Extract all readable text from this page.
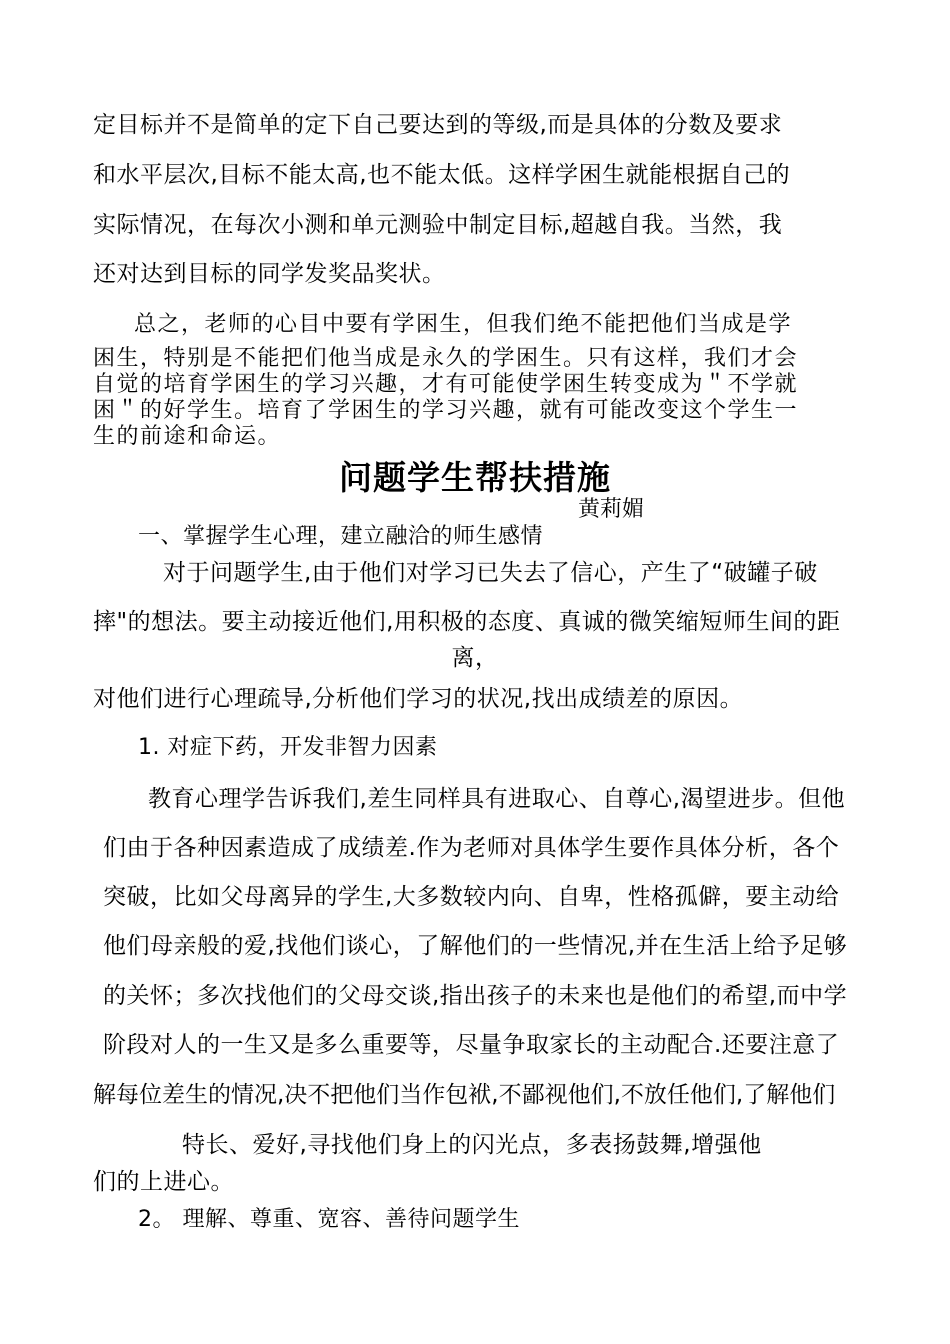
定目标并不是简单的定下自己要达到的等级,而是具体的分数及要求
和水平层次,目标不能太高,也不能太低。这样学困生就能根据自己的
实际情况，在每次小测和单元测验中制定目标,超越自我。当然，我
还对达到目标的同学发奖品奖状。
总之，老师的心目中要有学困生，但我们绝不能把他们当成是学
困生，特别是不能把们他当成是永久的学困生。只有这样，我们才会
自觉的培育学困生的学习兴趣，才有可能使学困生转变成为＂不学就
困＂的好学生。培育了学困生的学习兴趣，就有可能改变这个学生一
生的前途和命运。
问题学生帮扶措施
黄莉媚
一、掌握学生心理，建立融洽的师生感情
对于问题学生,由于他们对学习已失去了信心，产生了“破罐子破
摔"的想法。要主动接近他们,用积极的态度、真诚的微笑缩短师生间的距
离，
对他们进行心理疏导,分析他们学习的状况,找出成绩差的原因。
1. 对症下药，开发非智力因素
教育心理学告诉我们,差生同样具有进取心、自尊心,渴望进步。但他
们由于各种因素造成了成绩差.作为老师对具体学生要作具体分析，各个
突破，比如父母离异的学生,大多数较内向、自卑，性格孤僻，要主动给
他们母亲般的爱,找他们谈心，了解他们的一些情况,并在生活上给予足够
的关怀；多次找他们的父母交谈,指出孩子的未来也是他们的希望,而中学
阶段对人的一生又是多么重要等，尽量争取家长的主动配合.还要注意了
解每位差生的情况,决不把他们当作包袱,不鄙视他们,不放任他们,了解他们
特长、爱好,寻找他们身上的闪光点，多表扬鼓舞,增强他
们的上进心。
2。 理解、尊重、宽容、善待问题学生
